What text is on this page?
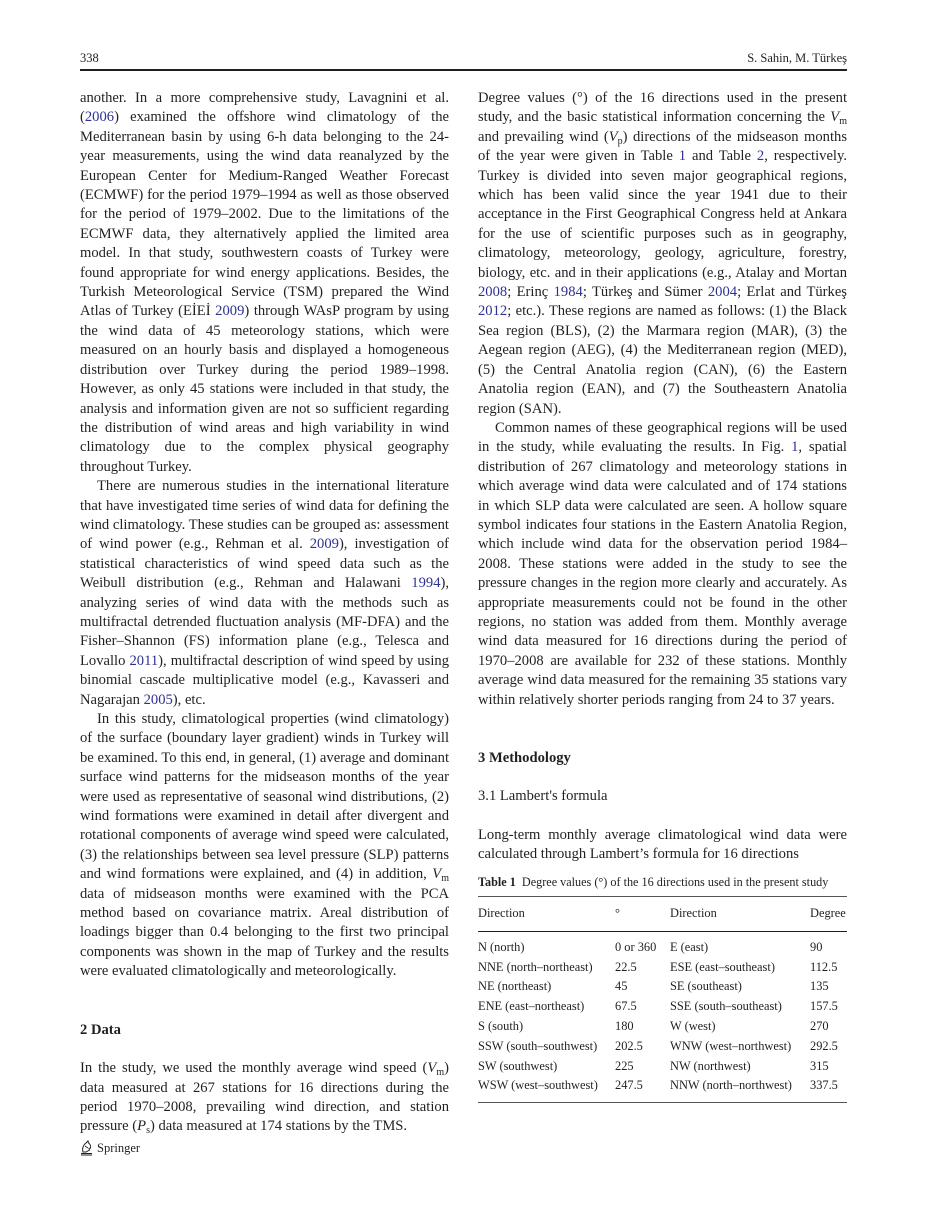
338	S. Sahin, M. Türkeş

another. In a more comprehensive study, Lavagnini et al. (2006) examined the offshore wind climatology of the Mediterranean basin by using 6-h data belonging to the 24-year measurements, using the wind data reanalyzed by the European Center for Medium-Ranged Weather Forecast (ECMWF) for the period 1979–1994 as well as those observed for the period of 1979–2002. Due to the limitations of the ECMWF data, they alternatively applied the limited area model. In that study, southwestern coasts of Turkey were found appropriate for wind energy applications. Besides, the Turkish Meteorological Service (TSM) prepared the Wind Atlas of Turkey (EİEİ 2009) through WAsP program by using the wind data of 45 meteorology stations, which were measured on an hourly basis and displayed a homogeneous distribution over Turkey during the period 1989–1998. However, as only 45 stations were included in that study, the analysis and information given are not so sufficient regarding the distribution of wind areas and high variability in wind climatology due to the complex physical geography throughout Turkey.

There are numerous studies in the international literature that have investigated time series of wind data for defining the wind climatology. These studies can be grouped as: assessment of wind power (e.g., Rehman et al. 2009), investigation of statistical characteristics of wind speed data such as the Weibull distribution (e.g., Rehman and Halawani 1994), analyzing series of wind data with the methods such as multifractal detrended fluctuation analysis (MF-DFA) and the Fisher–Shannon (FS) information plane (e.g., Telesca and Lovallo 2011), multifractal description of wind speed by using binomial cascade multiplicative model (e.g., Kavasseri and Nagarajan 2005), etc.

In this study, climatological properties (wind climatology) of the surface (boundary layer gradient) winds in Turkey will be examined. To this end, in general, (1) average and dominant surface wind patterns for the midseason months of the year were used as representative of seasonal wind distributions, (2) wind formations were examined in detail after divergent and rotational components of average wind speed were calculated, (3) the relationships between sea level pressure (SLP) patterns and wind formations were explained, and (4) in addition, $V_m$ data of midseason months were examined with the PCA method based on covariance matrix. Areal distribution of loadings bigger than 0.4 belonging to the first two principal components was shown in the map of Turkey and the results were evaluated climatologically and meteorologically.

2 Data

In the study, we used the monthly average wind speed $(V_m)$ data measured at 267 stations for 16 directions during the period 1970–2008, prevailing wind direction, and station pressure $(P_s)$ data measured at 174 stations by the TMS.

Degree values (°) of the 16 directions used in the present study, and the basic statistical information concerning the $V_m$ and prevailing wind $(V_p)$ directions of the midseason months of the year were given in Table 1 and Table 2, respectively. Turkey is divided into seven major geographical regions, which has been valid since the year 1941 due to their acceptance in the First Geographical Congress held at Ankara for the use of scientific purposes such as in geography, climatology, meteorology, geology, agriculture, forestry, biology, etc. and in their applications (e.g., Atalay and Mortan 2008; Erinç 1984; Türkeş and Sümer 2004; Erlat and Türkeş 2012; etc.). These regions are named as follows: (1) the Black Sea region (BLS), (2) the Marmara region (MAR), (3) the Aegean region (AEG), (4) the Mediterranean region (MED), (5) the Central Anatolia region (CAN), (6) the Eastern Anatolia region (EAN), and (7) the Southeastern Anatolia region (SAN).

Common names of these geographical regions will be used in the study, while evaluating the results. In Fig. 1, spatial distribution of 267 climatology and meteorology stations in which average wind data were calculated and of 174 stations in which SLP data were calculated are seen. A hollow square symbol indicates four stations in the Eastern Anatolia Region, which include wind data for the observation period 1984–2008. These stations were added in the study to see the pressure changes in the region more clearly and accurately. As appropriate measurements could not be found in the other regions, no station was added from them. Monthly average wind data measured for 16 directions during the period of 1970–2008 are available for 232 of these stations. Monthly average wind data measured for the remaining 35 stations vary within relatively shorter periods ranging from 24 to 37 years.

3 Methodology

3.1 Lambert's formula

Long-term monthly average climatological wind data were calculated through Lambert’s formula for 16 directions

Table 1 Degree values (°) of the 16 directions used in the present study
Direction	°	Direction	Degree
N (north)	0 or 360	E (east)	90
NNE (north–northeast)	22.5	ESE (east–southeast)	112.5
NE (northeast)	45	SE (southeast)	135
ENE (east–northeast)	67.5	SSE (south–southeast)	157.5
S (south)	180	W (west)	270
SSW (south–southwest)	202.5	WNW (west–northwest)	292.5
SW (southwest)	225	NW (northwest)	315
WSW (west–southwest)	247.5	NNW (north–northwest)	337.5
Springer
